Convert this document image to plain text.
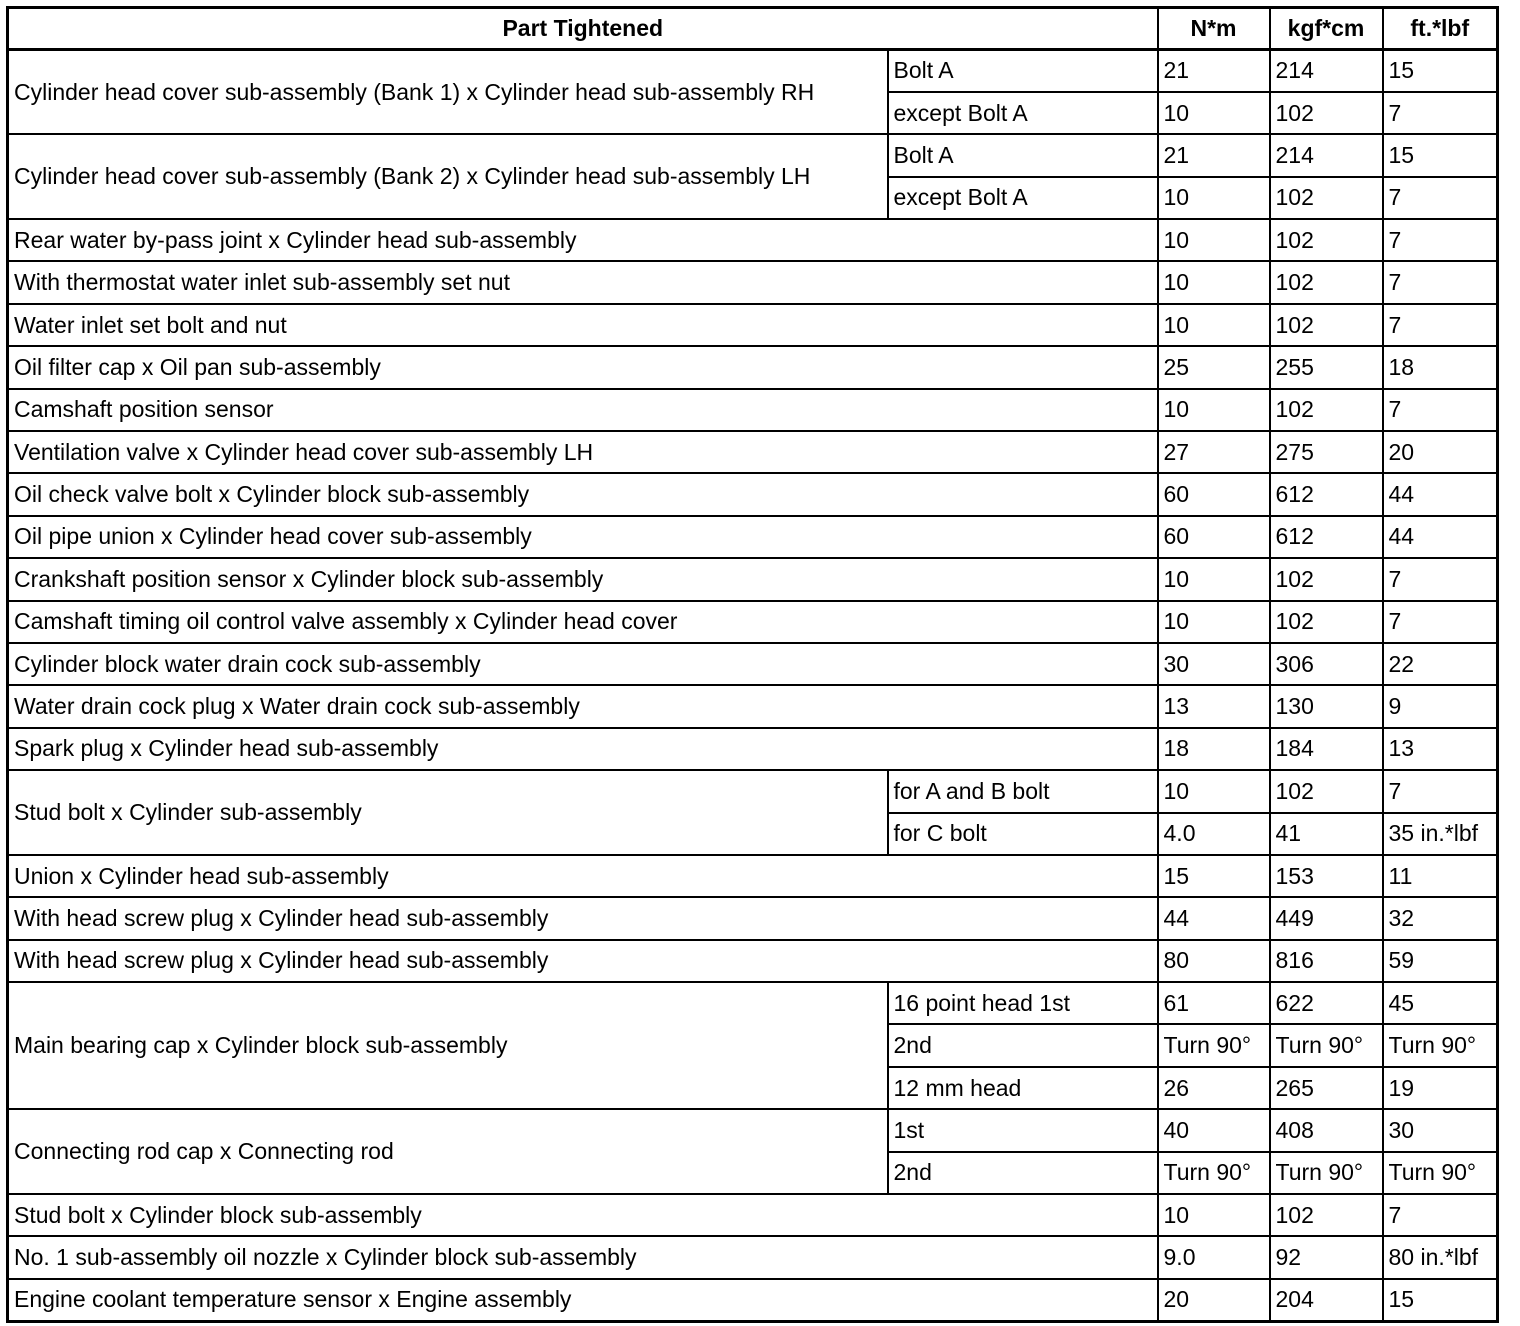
Part Tightened		N*m	kgf*cm	ft.*lbf
Cylinder head cover sub-assembly (Bank 1) x Cylinder head sub-assembly RH	Bolt A	21	214	15
	except Bolt A	10	102	7
Cylinder head cover sub-assembly (Bank 2) x Cylinder head sub-assembly LH	Bolt A	21	214	15
	except Bolt A	10	102	7
Rear water by-pass joint x Cylinder head sub-assembly		10	102	7
With thermostat water inlet sub-assembly set nut		10	102	7
Water inlet set bolt and nut		10	102	7
Oil filter cap x Oil pan sub-assembly		25	255	18
Camshaft position sensor		10	102	7
Ventilation valve x Cylinder head cover sub-assembly LH		27	275	20
Oil check valve bolt x Cylinder block sub-assembly		60	612	44
Oil pipe union x Cylinder head cover sub-assembly		60	612	44
Crankshaft position sensor x Cylinder block sub-assembly		10	102	7
Camshaft timing oil control valve assembly x Cylinder head cover		10	102	7
Cylinder block water drain cock sub-assembly		30	306	22
Water drain cock plug x Water drain cock sub-assembly		13	130	9
Spark plug x Cylinder head sub-assembly		18	184	13
Stud bolt x Cylinder sub-assembly	for A and B bolt	10	102	7
	for C bolt	4.0	41	35 in.*lbf
Union x Cylinder head sub-assembly		15	153	11
With head screw plug x Cylinder head sub-assembly		44	449	32
With head screw plug x Cylinder head sub-assembly		80	816	59
Main bearing cap x Cylinder block sub-assembly	16 point head 1st	61	622	45
	2nd	Turn 90°	Turn 90°	Turn 90°
	12 mm head	26	265	19
Connecting rod cap x Connecting rod	1st	40	408	30
	2nd	Turn 90°	Turn 90°	Turn 90°
Stud bolt x Cylinder block sub-assembly		10	102	7
No. 1 sub-assembly oil nozzle x Cylinder block sub-assembly		9.0	92	80 in.*lbf
Engine coolant temperature sensor x Engine assembly		20	204	15
